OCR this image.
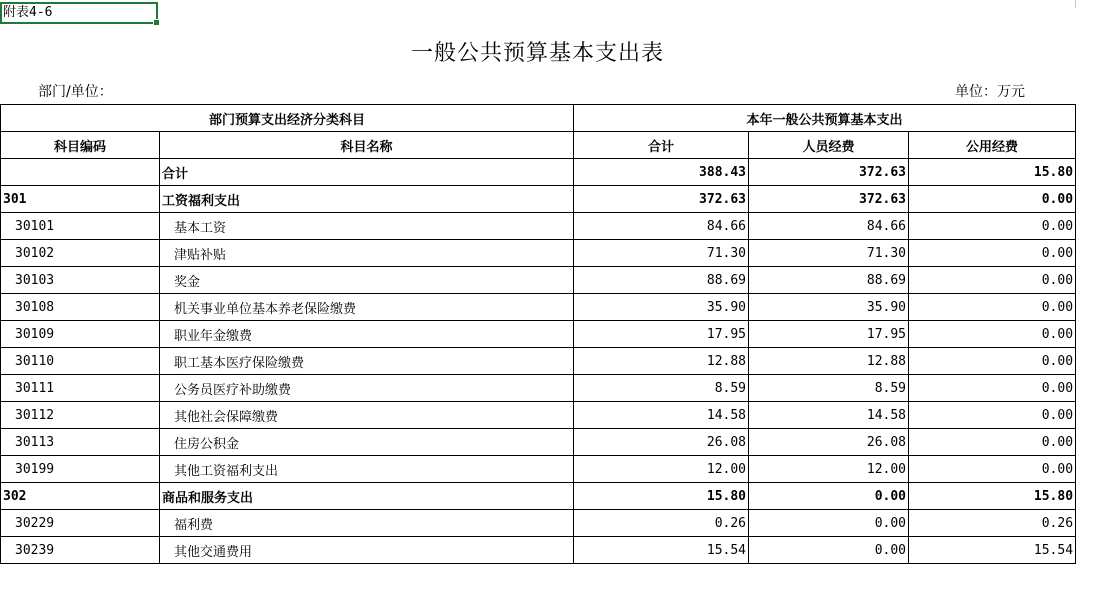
附表4-6
一般公共预算基本支出表
部门/单位：	单位：万元
部门预算支出经济分类科目		本年一般公共预算基本支出		
科目编码	科目名称	合计	人员经费	公用经费
	合计	388.43	372.63	15.80
301	工资福利支出	372.63	372.63	0.00
30101	基本工资	84.66	84.66	0.00
30102	津贴补贴	71.30	71.30	0.00
30103	奖金	88.69	88.69	0.00
30108	机关事业单位基本养老保险缴费	35.90	35.90	0.00
30109	职业年金缴费	17.95	17.95	0.00
30110	职工基本医疗保险缴费	12.88	12.88	0.00
30111	公务员医疗补助缴费	8.59	8.59	0.00
30112	其他社会保障缴费	14.58	14.58	0.00
30113	住房公积金	26.08	26.08	0.00
30199	其他工资福利支出	12.00	12.00	0.00
302	商品和服务支出	15.80	0.00	15.80
30229	福利费	0.26	0.00	0.26
30239	其他交通费用	15.54	0.00	15.54
